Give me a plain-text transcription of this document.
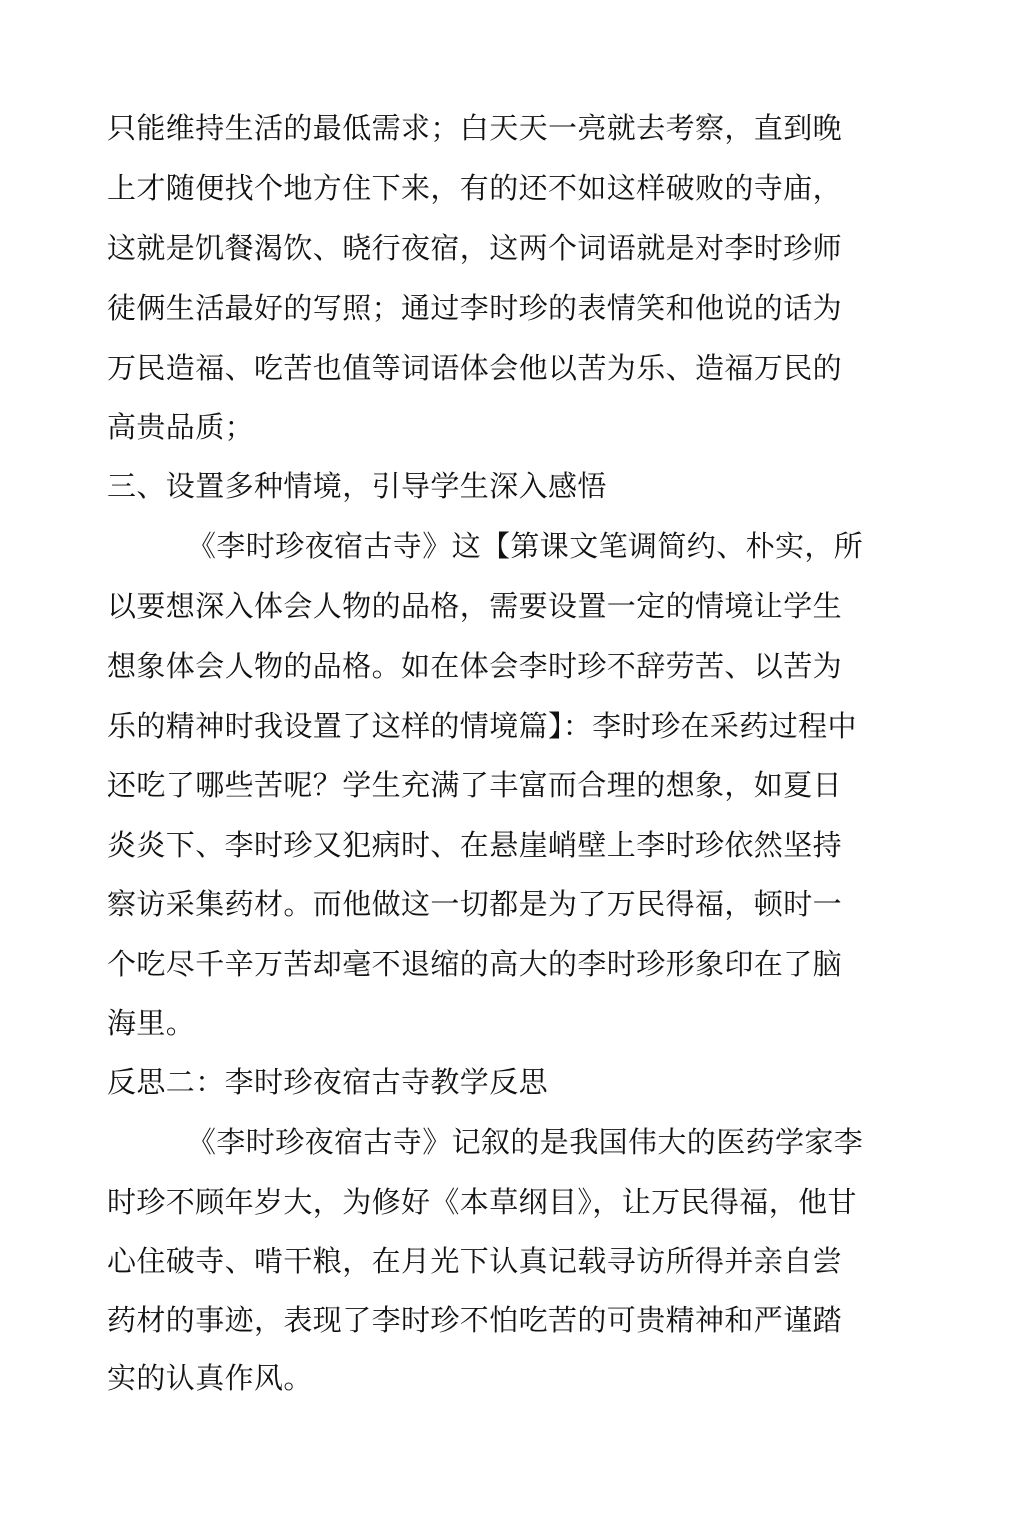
只能维持生活的最低需求；白天天一亮就去考察，直到晚
上才随便找个地方住下来，有的还不如这样破败的寺庙，
这就是饥餐渴饮、晓行夜宿，这两个词语就是对李时珍师
徒俩生活最好的写照；通过李时珍的表情笑和他说的话为
万民造福、吃苦也值等词语体会他以苦为乐、造福万民的
高贵品质；
三、设置多种情境，引导学生深入感悟
《李时珍夜宿古寺》这【第课文笔调简约、朴实，所
以要想深入体会人物的品格，需要设置一定的情境让学生
想象体会人物的品格。如在体会李时珍不辞劳苦、以苦为
乐的精神时我设置了这样的情境篇】：李时珍在采药过程中
还吃了哪些苦呢？学生充满了丰富而合理的想象，如夏日
炎炎下、李时珍又犯病时、在悬崖峭壁上李时珍依然坚持
察访采集药材。而他做这一切都是为了万民得福，顿时一
个吃尽千辛万苦却毫不退缩的高大的李时珍形象印在了脑
海里。
反思二：李时珍夜宿古寺教学反思
《李时珍夜宿古寺》记叙的是我国伟大的医药学家李
时珍不顾年岁大，为修好《本草纲目》，让万民得福，他甘
心住破寺、啃干粮，在月光下认真记载寻访所得并亲自尝
药材的事迹，表现了李时珍不怕吃苦的可贵精神和严谨踏
实的认真作风。
